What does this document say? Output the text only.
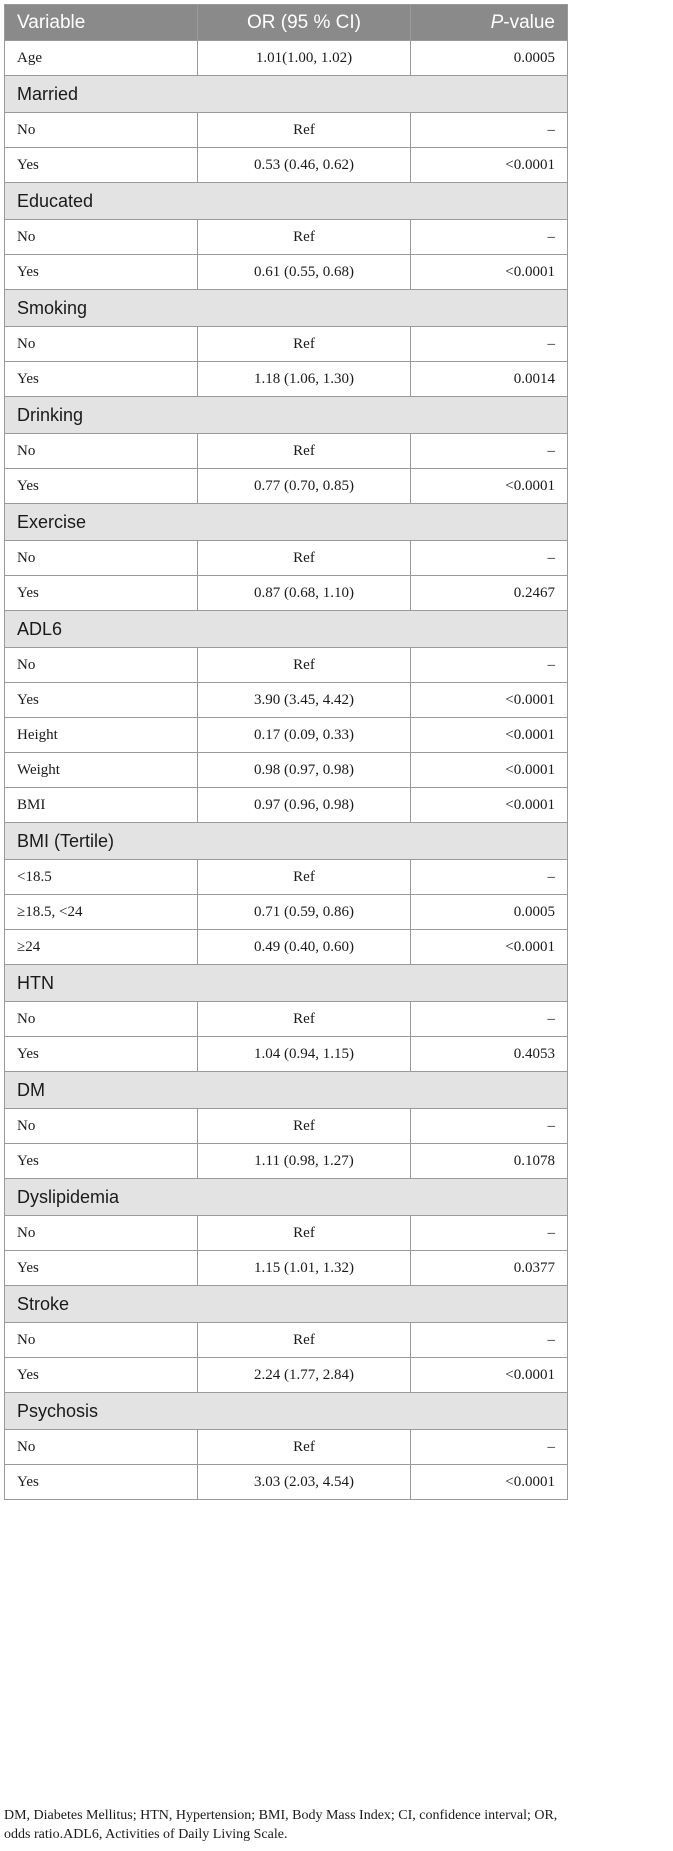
Variable	OR (95 % CI)	P-value
Age	1.01(1.00, 1.02)	0.0005
Married		
No	Ref	–
Yes	0.53 (0.46, 0.62)	<0.0001
Educated		
No	Ref	–
Yes	0.61 (0.55, 0.68)	<0.0001
Smoking		
No	Ref	–
Yes	1.18 (1.06, 1.30)	0.0014
Drinking		
No	Ref	–
Yes	0.77 (0.70, 0.85)	<0.0001
Exercise		
No	Ref	–
Yes	0.87 (0.68, 1.10)	0.2467
ADL6		
No	Ref	–
Yes	3.90 (3.45, 4.42)	<0.0001
Height	0.17 (0.09, 0.33)	<0.0001
Weight	0.98 (0.97, 0.98)	<0.0001
BMI	0.97 (0.96, 0.98)	<0.0001
BMI (Tertile)		
<18.5	Ref	–
≥18.5, <24	0.71 (0.59, 0.86)	0.0005
≥24	0.49 (0.40, 0.60)	<0.0001
HTN		
No	Ref	–
Yes	1.04 (0.94, 1.15)	0.4053
DM		
No	Ref	–
Yes	1.11 (0.98, 1.27)	0.1078
Dyslipidemia		
No	Ref	–
Yes	1.15 (1.01, 1.32)	0.0377
Stroke		
No	Ref	–
Yes	2.24 (1.77, 2.84)	<0.0001
Psychosis		
No	Ref	–
Yes	3.03 (2.03, 4.54)	<0.0001
DM, Diabetes Mellitus; HTN, Hypertension; BMI, Body Mass Index; CI, confidence interval; OR, odds ratio.ADL6, Activities of Daily Living Scale.
